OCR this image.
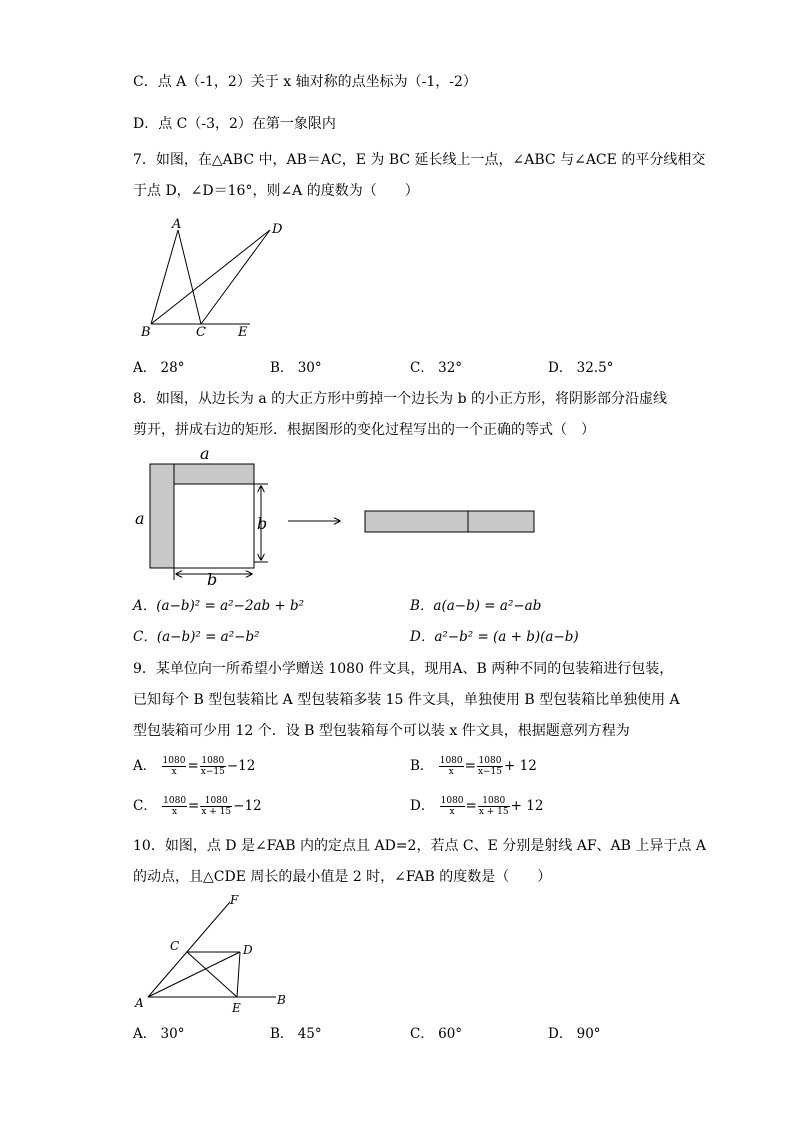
C．点 A（-1，2）关于 x 轴对称的点坐标为（-1，-2）
D．点 C（-3，2）在第一象限内
7．如图，在△ABC 中，AB＝AC，E 为 BC 延长线上一点，∠ABC 与∠ACE 的平分线相交
于点 D，∠D＝16°，则∠A 的度数为（　　）
A	D
B	C E
A． 28°	B． 30°	C． 32°	D． 32.5°
8．如图，从边长为 a 的大正方形中剪掉一个边长为 b 的小正方形，将阴影部分沿虚线
剪开，拼成右边的矩形．根据图形的变化过程写出的一个正确的等式（　）
a
a	b
b
A．(a−b)² = a²−2ab + b²	B．a(a−b) = a²−ab
C．(a−b)² = a²−b²	D．a²−b² = (a + b)(a−b)
9．某单位向一所希望小学赠送 1080 件文具，现用A、B 两种不同的包装箱进行包装，
已知每个 B 型包装箱比 A 型包装箱多装 15 件文具，单独使用 B 型包装箱比单独使用 A
型包装箱可少用 12 个．设 B 型包装箱每个可以装 x 件文具，根据题意列方程为
A． $\frac{1080}{x} = \frac{1080}{x-15} -12$	B． $\frac{1080}{x} = \frac{1080}{x-15} + 12$
C． $\frac{1080}{x} = \frac{1080}{x + 15} -12$	D． $\frac{1080}{x} = \frac{1080}{x + 15} + 12$
10．如图，点 D 是∠FAB 内的定点且 AD=2，若点 C、E 分别是射线 AF、AB 上异于点 A
的动点，且△CDE 周长的最小值是 2 时，∠FAB 的度数是（　　）
F
C	D
A	E
B
A． 30°	B． 45°	C． 60°	D． 90°
